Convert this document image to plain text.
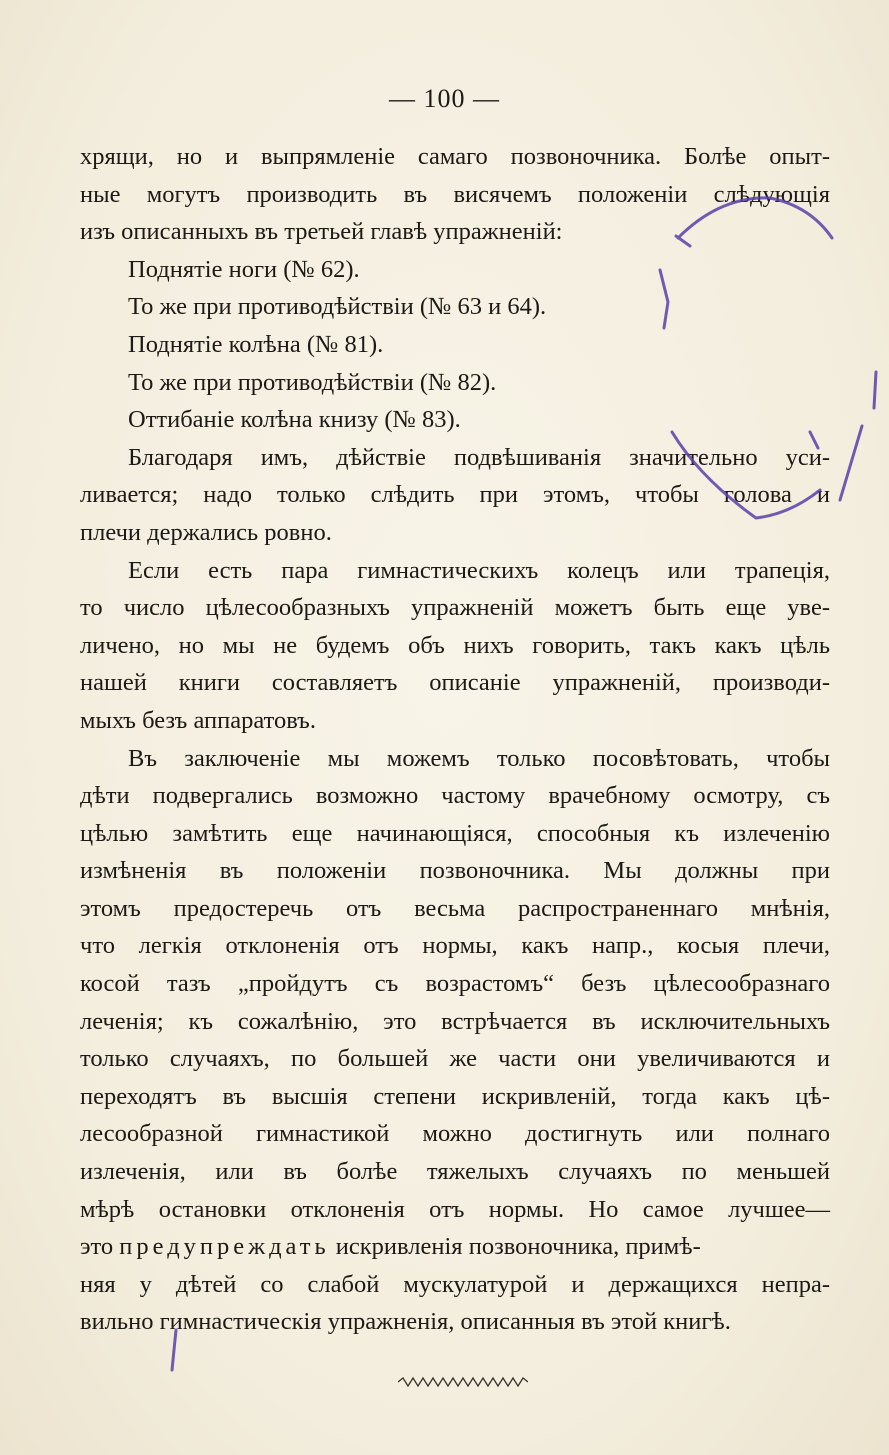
— 100 —
хрящи, но и выпрямленіе самаго позвоночника. Болѣе опыт-
ные могутъ производить въ висячемъ положеніи слѣдующія
изъ описанныхъ въ третьей главѣ упражненій:
Поднятіе ноги (№ 62).
То же при противодѣйствіи (№ 63 и 64).
Поднятіе колѣна (№ 81).
То же при противодѣйствіи (№ 82).
Оттибаніе колѣна книзу (№ 83).
Благодаря имъ, дѣйствіе подвѣшиванія значительно уси-
ливается; надо только слѣдить при этомъ, чтобы голова и
плечи держались ровно.
Если есть пара гимнастическихъ колецъ или трапеція,
то число цѣлесообразныхъ упражненій можетъ быть еще уве-
личено, но мы не будемъ объ нихъ говорить, такъ какъ цѣль
нашей книги составляетъ описаніе упражненій, производи-
мыхъ безъ аппаратовъ.
Въ заключеніе мы можемъ только посовѣтовать, чтобы
дѣти подвергались возможно частому врачебному осмотру, съ
цѣлью замѣтить еще начинающіяся, способныя къ излеченію
измѣненія въ положеніи позвоночника. Мы должны при
этомъ предостеречь отъ весьма распространеннаго мнѣнія,
что легкія отклоненія отъ нормы, какъ напр., косыя плечи,
косой тазъ „пройдутъ съ возрастомъ“ безъ цѣлесообразнаго
леченія; къ сожалѣнію, это встрѣчается въ исключительныхъ
только случаяхъ, по большей же части они увеличиваются и
переходятъ въ высшія степени искривленій, тогда какъ цѣ-
лесообразной гимнастикой можно достигнуть или полнаго
излеченія, или въ болѣе тяжелыхъ случаяхъ по меньшей
мѣрѣ остановки отклоненія отъ нормы. Но самое лучшее—
это предупреждать искривленія позвоночника, примѣ-
няя у дѣтей со слабой мускулатурой и держащихся непра-
вильно гимнастическія упражненія, описанныя въ этой книгѣ.
